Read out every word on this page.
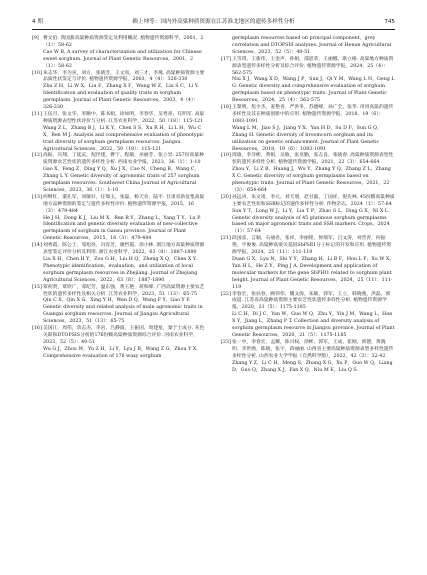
4 期	赖上坤等：国内外高粱种质资源在江苏淮北地区的遗传多样性分析	745
[9] 曹文伯. 我国甜高粱种质资源鉴定及利用概况. 植物遗传资源科学，2001，2（1）：58-62
Cao W B. A survey of characterization and utilization for Chinese sweet sorghum. Journal of Plant Genetic Resources，2001，2（1）：58-62
[10] 朱志华，李为喜，刘方，张晓芳，王文真，刘三才，李燕. 高粱种质资源主要品质性状鉴定与评价. 植物遗传资源学报，2003，4（4）：326-330
Zhu Z H，Li W X，Liu F，Zhang X F，Wang W Z，Liu S C，Li Y. Identification and evaluation of quality traits in sorghum germplasm. Journal of Plant Genetic Resources，2003，4（4）：326-330
[11] 王伍月，张文华，李顺中，陈书娟，徐如明，李春华，吴秀喜，任明军. 高粱种质资源表型性状评价与分析. 江苏农业科学，2022，50（18）：115-121
Wang Z L，Zhang B J，Li K Y，Chen S S，Xu R H，Li L H，Wu C X，Ren M J. Analysis and comprehensive evaluation of phenotypic trait diversity of sorghum germplasm resources. Jiangsu Agricultural Sciences，2022，50（18）：115-121
[12] 高振，冯翔，丁延庆，倪世建，曹宁，程敏，巫丽芳，张立异. 257份高粱种质资源农艺性状的遗传多样性分析. 西南农业学报，2023，36（1）：1-10
Gao X，Feng Z，Ding Y Q，Xu J X，Cao N，Cheng B，Wang C，Zhang L Y. Genetic diversity of agronomic traits of 257 sorghum germplasm resources. Southwest China Journal of Agricultural Sciences，2023，36（1）：1-10
[13] 何继红，董孔军，刘敏轩，任瑞玉，张磊，杨天育，陆平. 甘肃省新征集高粱地方品种资源的鉴定与遗传多样性评价. 植物遗传资源学报，2015，16（3）：479-484
He J H，Dong K J，Liu M X，Ren R Y，Zhang L，Yang T Y，Lu P. Identification and genetic diversity evaluation of new-collective germplasm of sorghum in Gansu province. Journal of Plant Genetic Resources，2015，16（3）：479-484
[14] 刘秀霞，陈公士，邹旭亮，冯容芳，谢哲霞，徐小林. 浙江地方高粱种质资源表型鉴定评价分析及利用. 浙江农业科学，2022，63（8）：1887-1890
Liu X H，Chen H Y，Zou G H，Liu H Q，Zheng X Q，Chen X Y. Phenotypic identification，evaluation，and utilization of local sorghum germplasm resources in Zhejiang. Journal of Zhejiang Agricultural Sciences，2022，63（8）：1887-1890
[15] 覃初贤，覃欣广，邓纪芳，温东强，黄玉艳，蒋和峰. 广西高粱资源主要农艺性状的遗传多样性及相关分析. 江苏农业科学，2023，51（13）：65-75
Qin C X，Qin X G，Xing Y H，Wen D Q，Wang F Y，Gao Y F. Genetic diversity and related analysis of main agronomic traits in Guangxi sorghum resources. Journal of Jiangsu Agricultural Sciences，2023，51（13）：65-75
[16] 吴国江，周伟，余志杰，李岩，吕静波，王振国，周建星，秦于士成分. 灰色关联和DTOPSIS分析的176份糯高粱种质资源综合评价. 河南农业科学，2023，52（5）：40-51
Wu G J，Zhou W，Yu Z H，Li Y，Lyu J B，Wang Z G，Zhou Y X. Comprehensive evaluation of 176 waxy sorghum
germplasm resources based on principal component，grey correlation and DTOPSIS analyses. Journal of Henan Agricultural Sciences，2023，52（5）：40-51
[17] 王雪琪，王新伟，王金声，孙娟，邵恩荣，王丽娜，耿立格. 高粱地方种质资源表型遗传多样性分析及综合评价. 植物遗传资源学报，2024，25（4）：562-575
Niu X J，Wang X D，Wang J P，Sun J，Qi Y M，Wang L N，Geng L G. Genetic diversity and comprehensive evaluation of sorghum germplasm based on phenotypic traits. Journal of Plant Genetic Resources，2024，25（4）：562-575
[18] 王黎明，焦少杰，姜艳喜，严洪冬，苏德峰，孙广全，张华. 帚用高粱的遗传多样性及其在种质创新中的应用. 植物遗传资源学报，2018，19（6）：1083-1091
Wang L M，Jiao S J，Jiang Y X，Yan H D，Su D F，Sun G Q，Zhang H. Genetic diversity of broomcorn sorghum and its utilization on genetic enhancement. Journal of Plant Genetic Resources，2018，19（6）：1083-1091
[19] 周瑜，李洋彬，黄娟，吴敏，张亚勤，张志良，张晓春. 高粱种质资源表型性状的遗传多样性分析. 植物遗传资源学报，2021，22（3）：654-664
Zhou Y，Li Z B，Huang J，Wu Y，Zhang Y Q，Zhang Z L，Zhang X C. Genetic diversity of sorghum germplasms based on phenotypic traits. Journal of Plant Genetic Resources，2021，22（3）：654-664
[20] 孙远涛，朱文靖，李元，刘天朋，赵甘露，丁国祥，倪先林. 45份糯高粱种质主要农艺性状和SSR标记的遗传多样性分析. 作物杂志，2024（1）：57-64
Sun Y T，Long W J，Li Y，Liu T P，Zhao G L，Ding G X，Ni X L. Genetic diversity analysis of 45 glutinous sorghum germplasms based on major agronomic traits and SSR markers. Crops，2024（1）：57-64
[21] 段国彦，言颖，石丽君，张祥，李丽铭，侯瑞军，吕文涛，刘晋青，何振艳，平俊俊. 高粱种高梁关基因SbPHI1分子标记的开发和应用. 植物遗传资源学报，2024，25（11）：111-119
Duan G X，Lyu N，Shi Y Y，Zhang H，Li B F，Hou L F，Xu W X，Yan H L，He Z Y，Ping J A. Development and application of molecular markers for the gene SbPHI1 related to sorghum plant height. Journal of Plant Genetic Resources，2024，25（11）：111-119
[22] 李春宏，张扶春，顾伟伟，魏文海，朱敏，郭军，王立，韩晓燕，洪磊，郭成道. 江苏省高粱种质资源主要农艺性状遗传多样性分析. 植物遗传资源学报，2020，21（5）：1175-1185
Li C H，Di J C，Yan W，Guo W Q，Zhu Y，Yin J M，Wang L，Han X Y，Jiang L，Zhang P T. Collection and diversity analysis of sorghum germplasm resource in Jiangsu province. Journal of Plant Genetic Resources，2020，21（5）：1175-1185
[23] 张一中，李春宏，孟耀，陈兴权，徐彬，郭军，王成，崔刚，郭德，黄晓明，李世勋，陈晓，张宇，蒋丽丽. 山西省主要高粱种质资源表型多样性遗传多样性分析. 山西农业大学学报（自然科学版），2022，42（3）：32-42
Zhang Y Z，Li C H，Meng S，Zhang X G，Xu P，Guo W Q，Liang D，Guo Q，Zhang X J，Fan X Q，Niu M E，Liu Q S.
